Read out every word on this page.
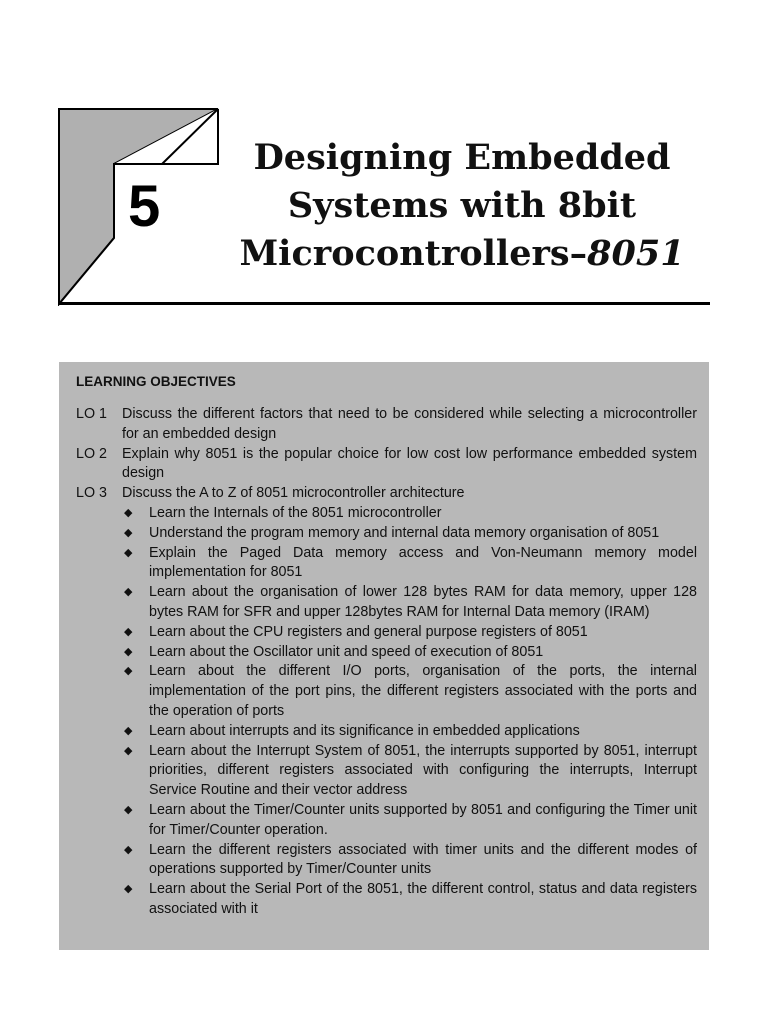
5
Designing Embedded
Systems with 8bit
Microcontrollers–8051
LEARNING OBJECTIVES
LO 1	Discuss the different factors that need to be considered while selecting a microcontroller for an embedded design
LO 2	Explain why 8051 is the popular choice for low cost low performance embedded system design
LO 3	Discuss the A to Z of 8051 microcontroller architecture
◆	Learn the Internals of the 8051 microcontroller
◆	Understand the program memory and internal data memory organisation of 8051
◆	Explain the Paged Data memory access and Von-Neumann memory model implementation for 8051
◆	Learn about the organisation of lower 128 bytes RAM for data memory, upper 128 bytes RAM for SFR and upper 128bytes RAM for Internal Data memory (IRAM)
◆	Learn about the CPU registers and general purpose registers of 8051
◆	Learn about the Oscillator unit and speed of execution of 8051
◆	Learn about the different I/O ports, organisation of the ports, the internal implementation of the port pins, the different registers associated with the ports and the operation of ports
◆	Learn about interrupts and its significance in embedded applications
◆	Learn about the Interrupt System of 8051, the interrupts supported by 8051, interrupt priorities, different registers associated with configuring the interrupts, Interrupt Service Routine and their vector address
◆	Learn about the Timer/Counter units supported by 8051 and configuring the Timer unit for Timer/Counter operation.
◆	Learn the different registers associated with timer units and the different modes of operations supported by Timer/Counter units
◆	Learn about the Serial Port of the 8051, the different control, status and data registers associated with it
